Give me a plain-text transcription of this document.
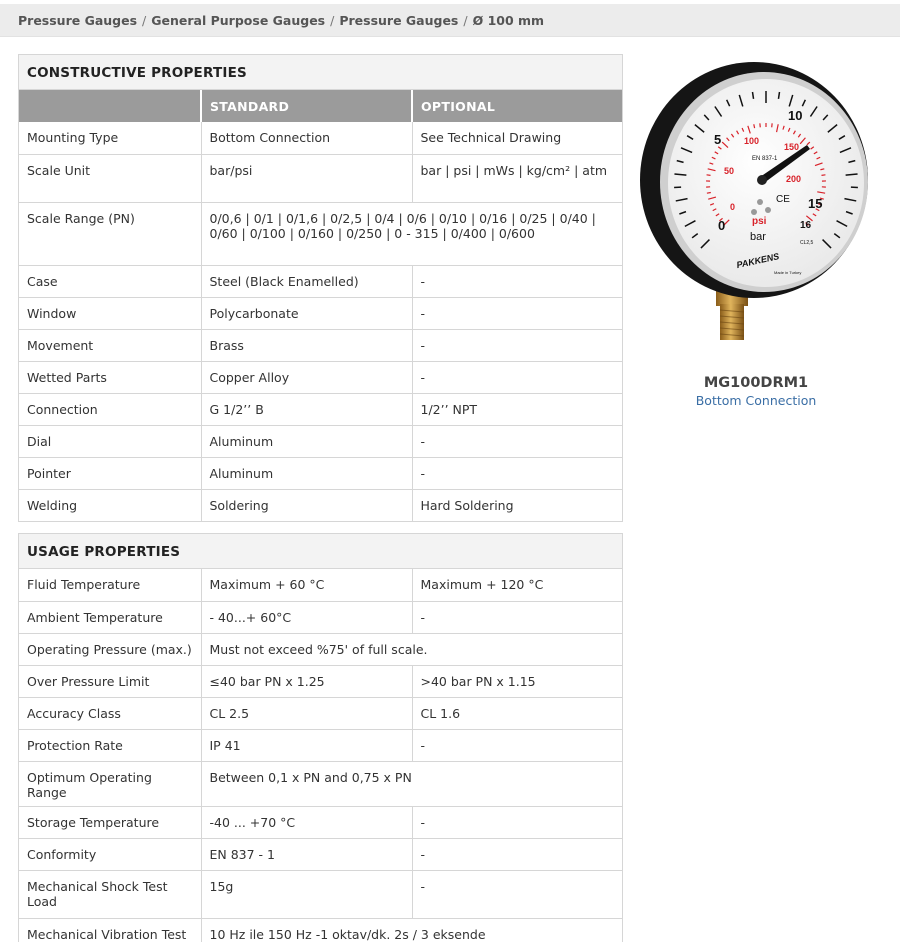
Pressure Gauges / General Purpose Gauges / Pressure Gauges / Ø 100 mm
CONSTRUCTIVE PROPERTIES
	STANDARD	OPTIONAL
Mounting Type	Bottom Connection	See Technical Drawing
Scale Unit	bar/psi	bar | psi | mWs | kg/cm² | atm
Scale Range (PN)	0/0,6 | 0/1 | 0/1,6 | 0/2,5 | 0/4 | 0/6 | 0/10 | 0/16 | 0/25 | 0/40 | 0/60 | 0/100 | 0/160 | 0/250 | 0 - 315 | 0/400 | 0/600	
Case	Steel (Black Enamelled)	-
Window	Polycarbonate	-
Movement	Brass	-
Wetted Parts	Copper Alloy	-
Connection	G 1/2’’ B	1/2’’ NPT
Dial	Aluminum	-
Pointer	Aluminum	-
Welding	Soldering	Hard Soldering
USAGE PROPERTIES
Fluid Temperature	Maximum + 60 °C	Maximum + 120 °C
Ambient Temperature	- 40...+ 60°C	-
Operating Pressure (max.)	Must not exceed %75' of full scale.	
Over Pressure Limit	≤40 bar PN x 1.25	>40 bar PN x 1.15
Accuracy Class	CL 2.5	CL 1.6
Protection Rate	IP 41	-
Optimum Operating Range	Between 0,1 x PN and 0,75 x PN	
Storage Temperature	-40 ... +70 °C	-
Conformity	EN 837 - 1	-
Mechanical Shock Test Load	15g	-
Mechanical Vibration Test	10 Hz ile 150 Hz -1 oktav/dk. 2s / 3 eksende	
0
5
10
15
16
0
50
100
150
200
EN 837-1
CE
psi
bar	CL2,5
PAKKENS
Made in Turkey
MG100DRM1
Bottom Connection
